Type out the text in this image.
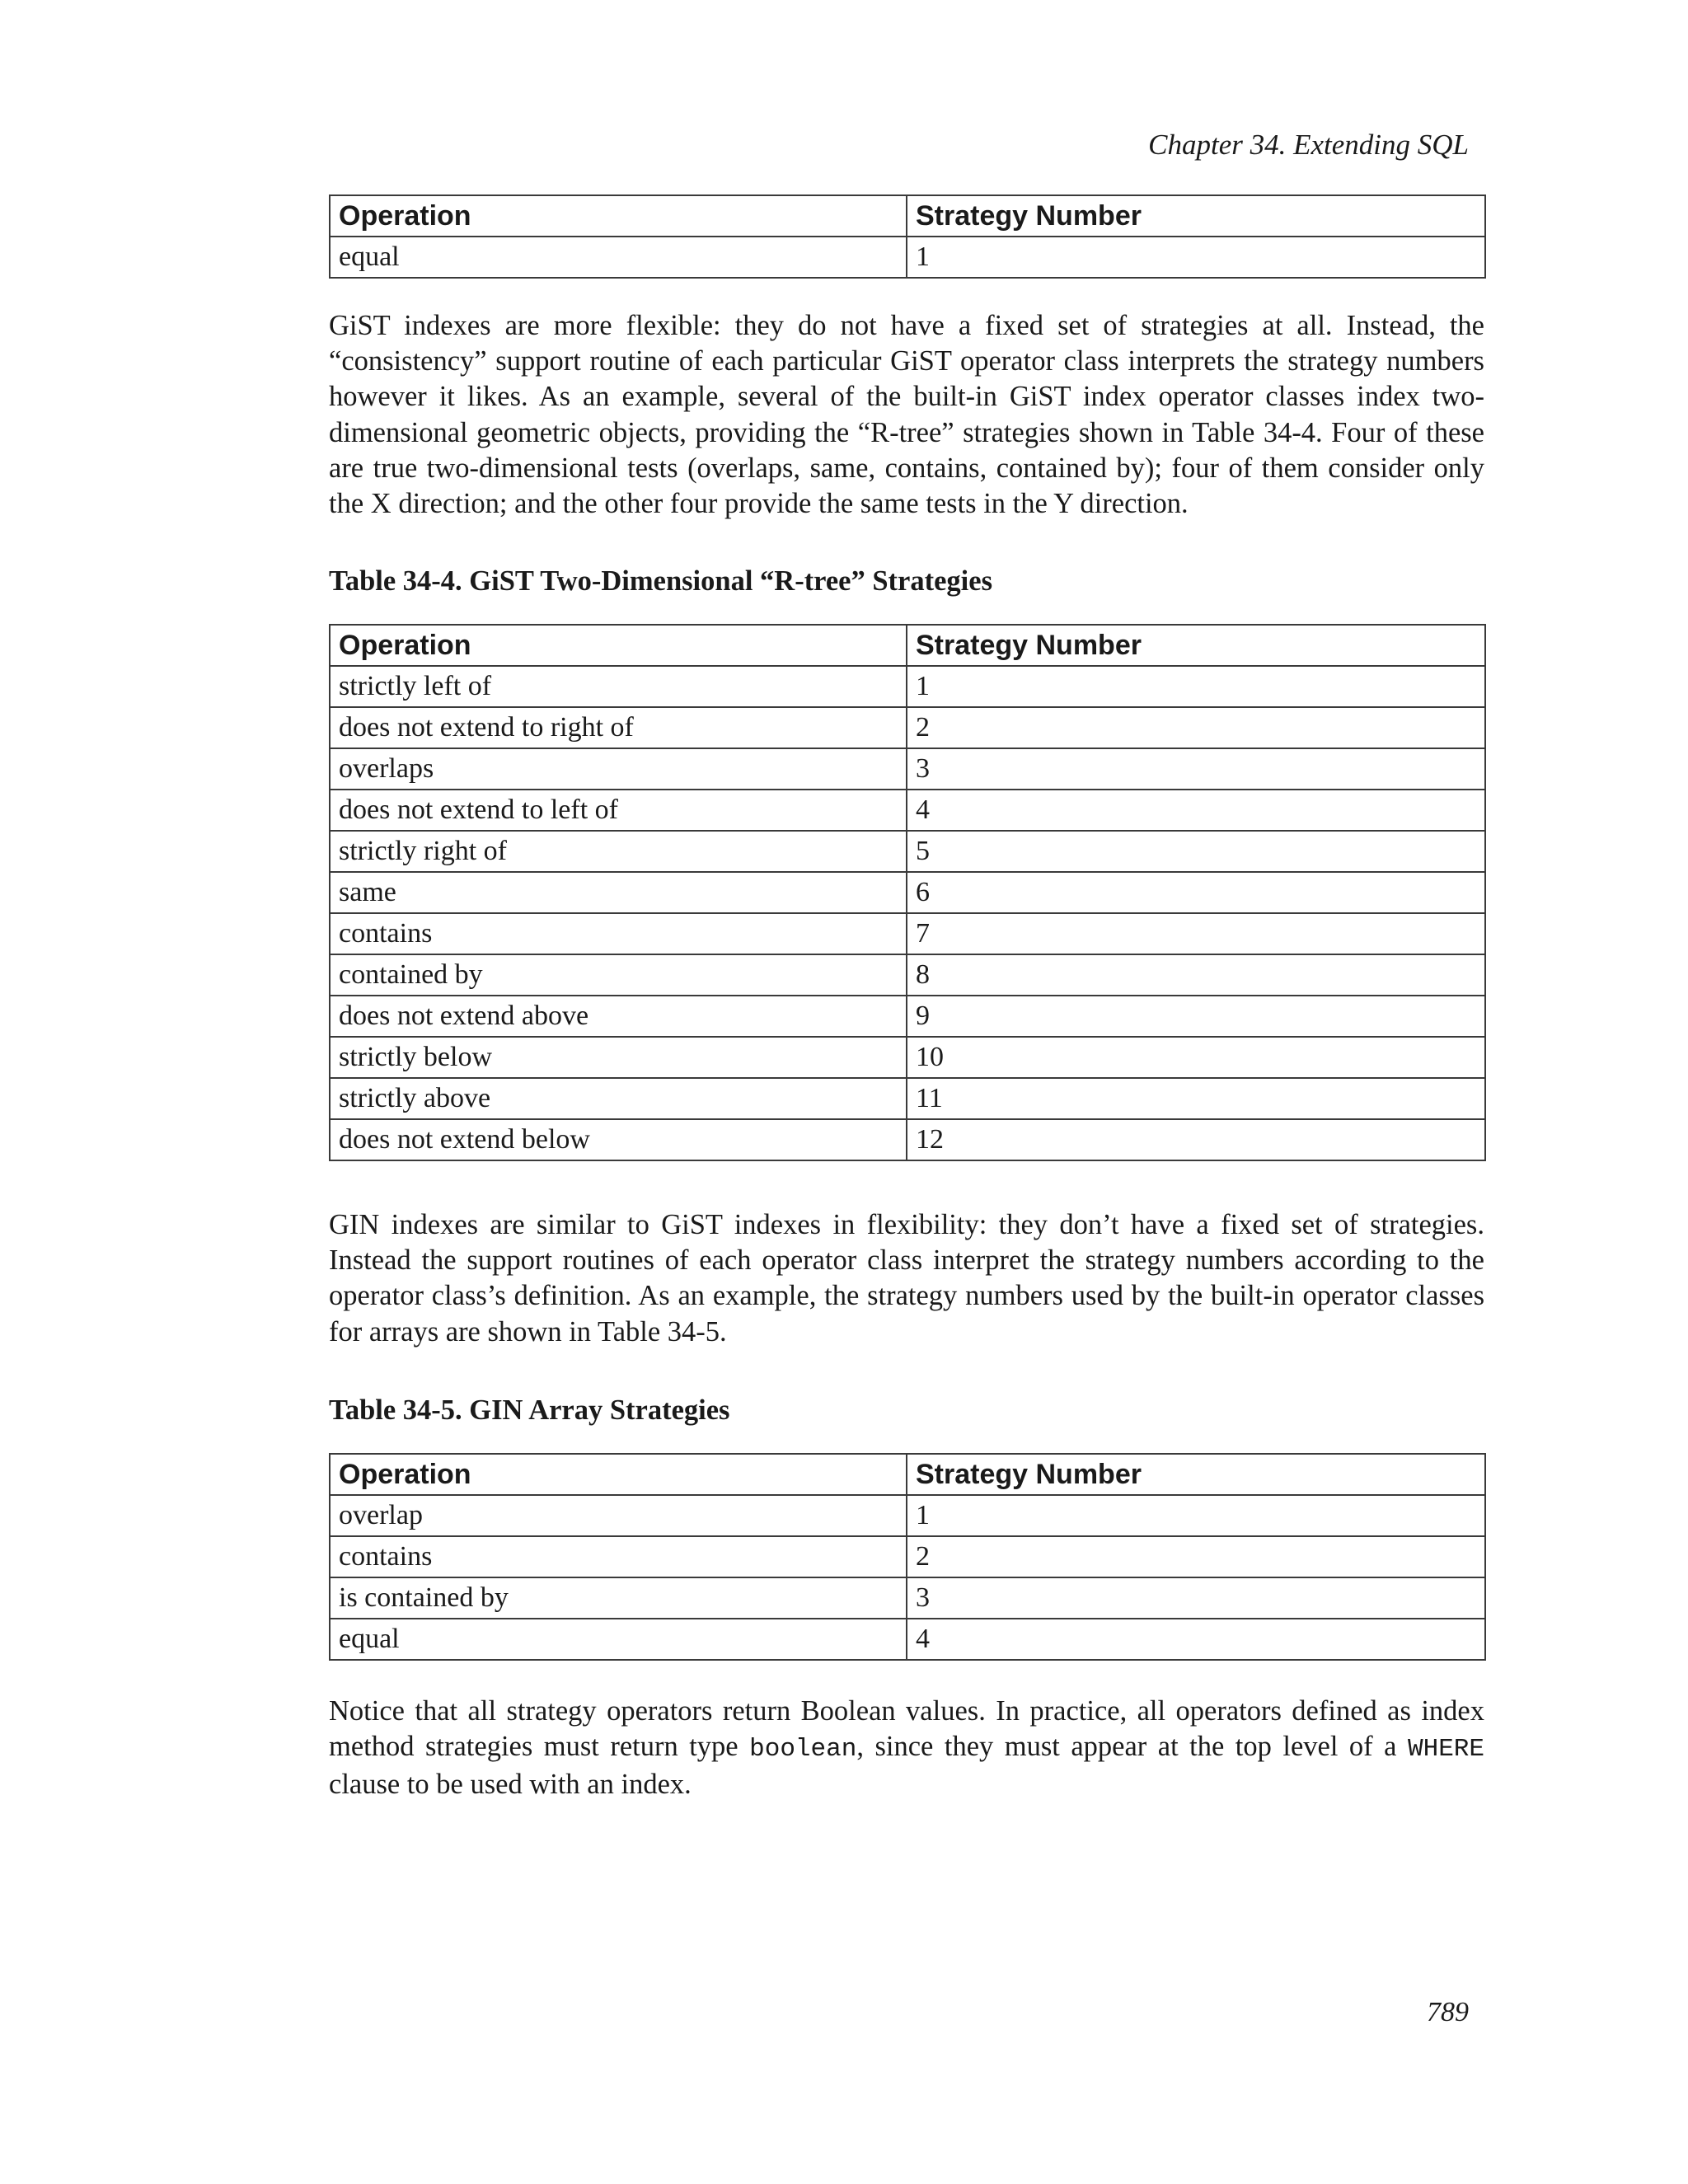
Chapter 34. Extending SQL
Operation	Strategy Number
equal	1

GiST indexes are more flexible: they do not have a fixed set of strategies at all. Instead, the “consistency” support routine of each particular GiST operator class interprets the strategy numbers however it likes. As an example, several of the built-in GiST index operator classes index two-dimensional geometric objects, providing the “R-tree” strategies shown in Table 34-4. Four of these are true two-dimensional tests (overlaps, same, contains, contained by); four of them consider only the X direction; and the other four provide the same tests in the Y direction.

Table 34-4. GiST Two-Dimensional “R-tree” Strategies

Operation	Strategy Number
strictly left of	1
does not extend to right of	2
overlaps	3
does not extend to left of	4
strictly right of	5
same	6
contains	7
contained by	8
does not extend above	9
strictly below	10
strictly above	11
does not extend below	12

GIN indexes are similar to GiST indexes in flexibility: they don’t have a fixed set of strategies. Instead the support routines of each operator class interpret the strategy numbers according to the operator class’s definition. As an example, the strategy numbers used by the built-in operator classes for arrays are shown in Table 34-5.

Table 34-5. GIN Array Strategies

Operation	Strategy Number
overlap	1
contains	2
is contained by	3
equal	4

Notice that all strategy operators return Boolean values. In practice, all operators defined as index method strategies must return type boolean, since they must appear at the top level of a WHERE clause to be used with an index.

789
